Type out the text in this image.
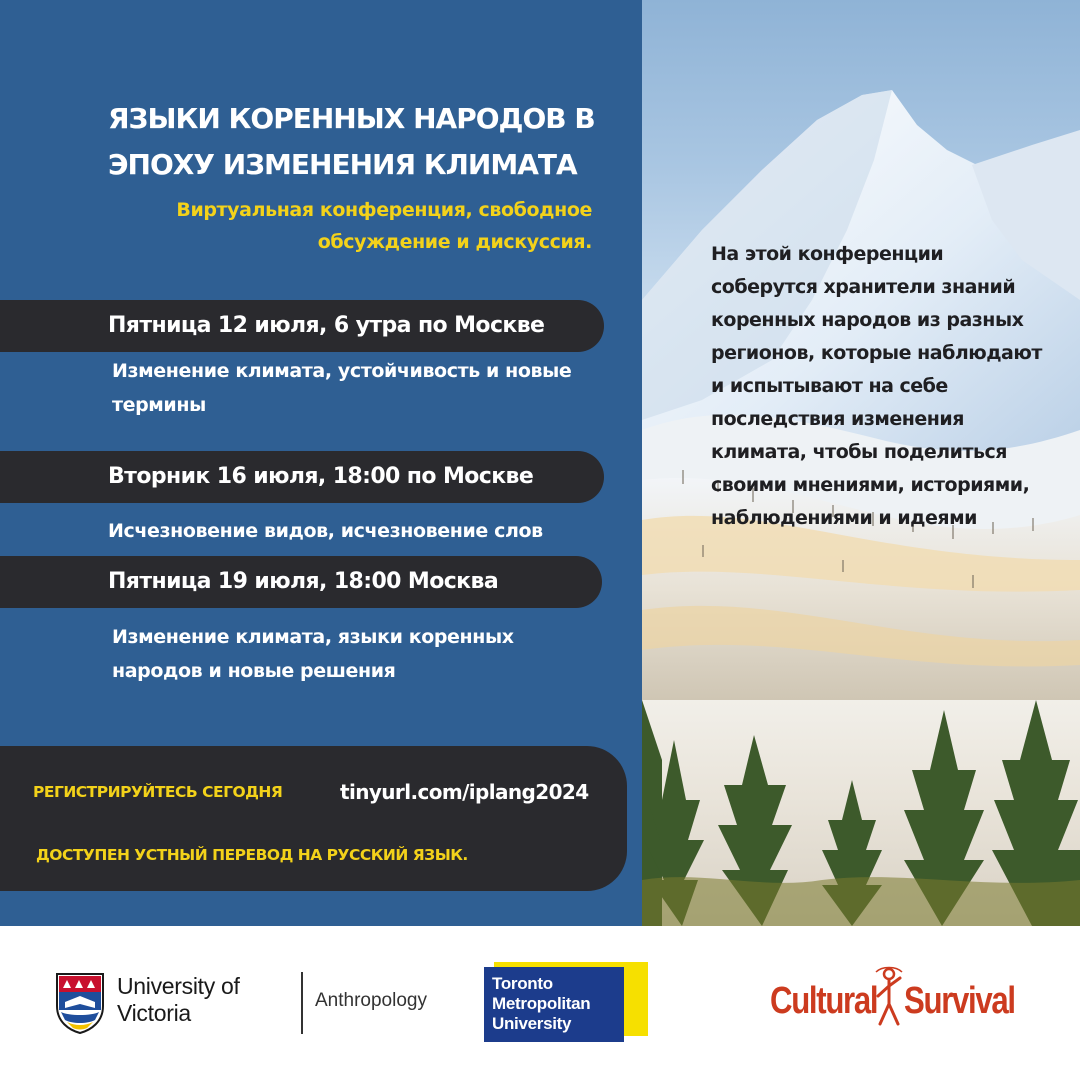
ЯЗЫКИ КОРЕННЫХ НАРОДОВ В ЭПОХУ ИЗМЕНЕНИЯ КЛИМАТА

Виртуальная конференция, свободное обсуждение и дискуссия.

Пятница 12 июля, 6 утра по Москве

Изменение климата, устойчивость и новые термины

Вторник 16 июля, 18:00 по Москве

Исчезновение видов, исчезновение слов

Пятница 19 июля, 18:00 Москва

Изменение климата, языки коренных народов и новые решения

РЕГИСТРИРУЙТЕСЬ СЕГОДНЯ	tinyurl.com/iplang2024
ДОСТУПЕН УСТНЫЙ ПЕРЕВОД НА РУССКИЙ ЯЗЫК.

На этой конференции соберутся хранители знаний коренных народов из разных регионов, которые наблюдают и испытывают на себе последствия изменения климата, чтобы поделиться своими мнениями, историями, наблюдениями и идеями

University of Victoria	Anthropology
Toronto
Metropolitan
University
Cultural Survival
